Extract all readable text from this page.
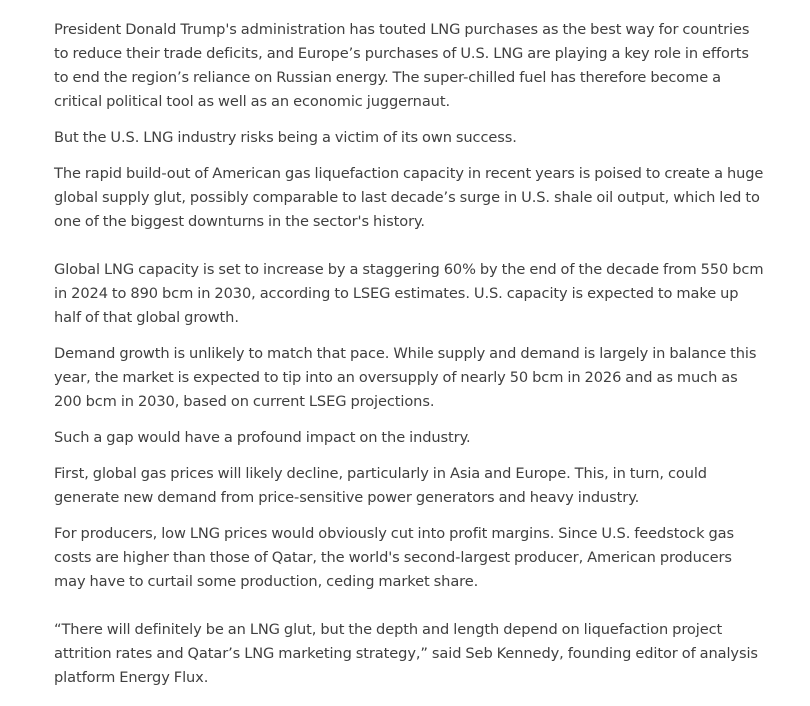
President Donald Trump's administration has touted LNG purchases as the best way for countries to reduce their trade deficits, and Europe’s purchases of U.S. LNG are playing a key role in efforts to end the region’s reliance on Russian energy. The super-chilled fuel has therefore become a critical political tool as well as an economic juggernaut.

But the U.S. LNG industry risks being a victim of its own success.

The rapid build-out of American gas liquefaction capacity in recent years is poised to create a huge global supply glut, possibly comparable to last decade’s surge in U.S. shale oil output, which led to one of the biggest downturns in the sector's history.

Global LNG capacity is set to increase by a staggering 60% by the end of the decade from 550 bcm in 2024 to 890 bcm in 2030, according to LSEG estimates. U.S. capacity is expected to make up half of that global growth.

Demand growth is unlikely to match that pace. While supply and demand is largely in balance this year, the market is expected to tip into an oversupply of nearly 50 bcm in 2026 and as much as 200 bcm in 2030, based on current LSEG projections.

Such a gap would have a profound impact on the industry.

First, global gas prices will likely decline, particularly in Asia and Europe. This, in turn, could generate new demand from price-sensitive power generators and heavy industry.

For producers, low LNG prices would obviously cut into profit margins. Since U.S. feedstock gas costs are higher than those of Qatar, the world's second-largest producer, American producers may have to curtail some production, ceding market share.

“There will definitely be an LNG glut, but the depth and length depend on liquefaction project attrition rates and Qatar’s LNG marketing strategy,” said Seb Kennedy, founding editor of analysis platform Energy Flux.
